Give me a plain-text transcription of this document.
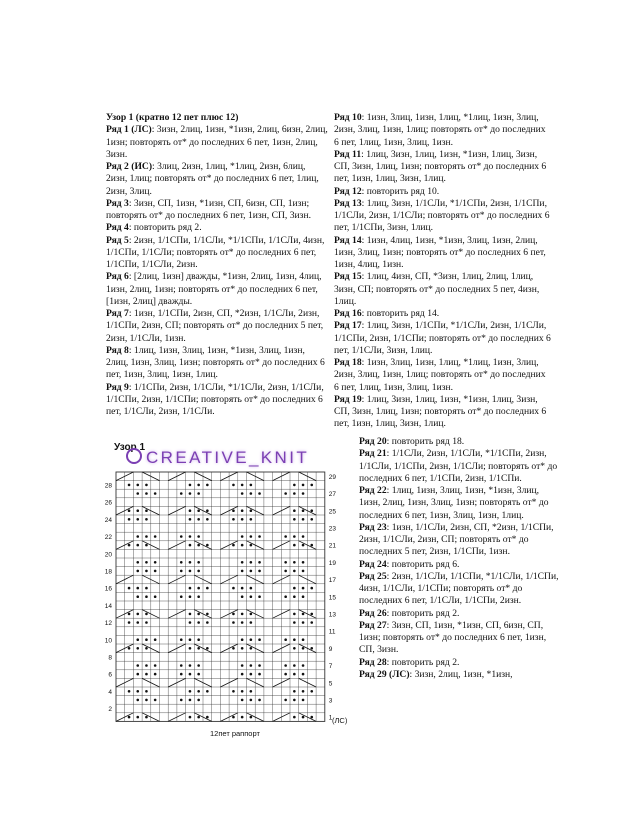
Узор 1 (кратно 12 пет плюс 12)
Ряд 1 (ЛС): 3изн, 2лиц, 1изн, *1изн, 2лиц, 6изн, 2лиц, 1изн; повторять от* до последних 6 пет, 1изн, 2лиц, 3изн.
Ряд 2 (ИС): 3лиц, 2изн, 1лиц, *1лиц, 2изн, 6лиц, 2изн, 1лиц; повторять от* до последних 6 пет, 1лиц, 2изн, 3лиц.
Ряд 3: 3изн, СП, 1изн, *1изн, СП, 6изн, СП, 1изн; повторять от* до последних 6 пет, 1изн, СП, 3изн.
Ряд 4: повторить ряд 2.
Ряд 5: 2изн, 1/1СПи, 1/1СЛи, *1/1СПи, 1/1СЛи, 4изн, 1/1СПи, 1/1СЛи; повторять от* до последних 6 пет, 1/1СПи, 1/1СЛи, 2изн.
Ряд 6: [2лиц, 1изн] дважды, *1изн, 2лиц, 1изн, 4лиц, 1изн, 2лиц, 1изн; повторять от* до последних 6 пет, [1изн, 2лиц] дважды.
Ряд 7: 1изн, 1/1СПи, 2изн, СП, *2изн, 1/1СЛи, 2изн, 1/1СПи, 2изн, СП; повторять от* до последних 5 пет, 2изн, 1/1СЛи, 1изн.
Ряд 8: 1лиц, 1изн, 3лиц, 1изн, *1изн, 3лиц, 1изн, 2лиц, 1изн, 3лиц, 1изн; повторять от* до последних 6 пет, 1изн, 3лиц, 1изн, 1лиц.
Ряд 9: 1/1СПи, 2изн, 1/1СЛи, *1/1СЛи, 2изн, 1/1СЛи, 1/1СПи, 2изн, 1/1СПи; повторять от* до последних 6 пет, 1/1СЛи, 2изн, 1/1СЛи.
Ряд 10: 1изн, 3лиц, 1изн, 1лиц, *1лиц, 1изн, 3лиц, 2изн, 3лиц, 1изн, 1лиц; повторять от* до последних 6 пет, 1лиц, 1изн, 3лиц, 1изн.
Ряд 11: 1лиц, 3изн, 1лиц, 1изн, *1изн, 1лиц, 3изн, СП, 3изн, 1лиц, 1изн; повторять от* до последних 6 пет, 1изн, 1лиц, 3изн, 1лиц.
Ряд 12: повторить ряд 10.
Ряд 13: 1лиц, 3изн, 1/1СЛи, *1/1СПи, 2изн, 1/1СПи, 1/1СЛи, 2изн, 1/1СЛи; повторять от* до последних 6 пет, 1/1СПи, 3изн, 1лиц.
Ряд 14: 1изн, 4лиц, 1изн, *1изн, 3лиц, 1изн, 2лиц, 1изн, 3лиц, 1изн; повторять от* до последних 6 пет, 1изн, 4лиц, 1изн.
Ряд 15: 1лиц, 4изн, СП, *3изн, 1лиц, 2лиц, 1лиц, 3изн, СП; повторять от* до последних 5 пет, 4изн, 1лиц.
Ряд 16: повторить ряд 14.
Ряд 17: 1лиц, 3изн, 1/1СПи, *1/1СЛи, 2изн, 1/1СЛи, 1/1СПи, 2изн, 1/1СПи; повторять от* до последних 6 пет, 1/1СЛи, 3изн, 1лиц.
Ряд 18: 1изн, 3лиц, 1изн, 1лиц, *1лиц, 1изн, 3лиц, 2изн, 3лиц, 1изн, 1лиц; повторять от* до последних 6 пет, 1лиц, 1изн, 3лиц, 1изн.
Ряд 19: 1лиц, 3изн, 1лиц, 1изн, *1изн, 1лиц, 3изн, СП, 3изн, 1лиц, 1изн; повторять от* до последних 6 пет, 1изн, 1лиц, 3изн, 1лиц.
Ряд 20: повторить ряд 18.
Ряд 21: 1/1СЛи, 2изн, 1/1СЛи, *1/1СПи, 2изн, 1/1СЛи, 1/1СПи, 2изн, 1/1СЛи; повторять от* до последних 6 пет, 1/1СПи, 2изн, 1/1СПи.
Ряд 22: 1лиц, 1изн, 3лиц, 1изн, *1изн, 3лиц, 1изн, 2лиц, 1изн, 3лиц, 1изн; повторять от* до последних 6 пет, 1изн, 3лиц, 1изн, 1лиц.
Ряд 23: 1изн, 1/1СЛи, 2изн, СП, *2изн, 1/1СПи, 2изн, 1/1СЛи, 2изн, СП; повторять от* до последних 5 пет, 2изн, 1/1СПи, 1изн.
Ряд 24: повторить ряд 6.
Ряд 25: 2изн, 1/1СЛи, 1/1СПи, *1/1СЛи, 1/1СПи, 4изн, 1/1СЛи, 1/1СПи; повторять от* до последних 6 пет, 1/1СЛи, 1/1СПи, 2изн.
Ряд 26: повторить ряд 2.
Ряд 27: 3изн, СП, 1изн, *1изн, СП, 6изн, СП, 1изн; повторять от* до последних 6 пет, 1изн, СП, 3изн.
Ряд 28: повторить ряд 2.
Ряд 29 (ЛС): 3изн, 2лиц, 1изн, *1изн,
Узор 1
CREATIVE_KNIT
28
26
24
22
20
18
16
14
12
10
8
6
4
2
29
27
25
23
21
19
17
15
13
11
9
7
5
3
1 (ЛС)
12пет раппорт
